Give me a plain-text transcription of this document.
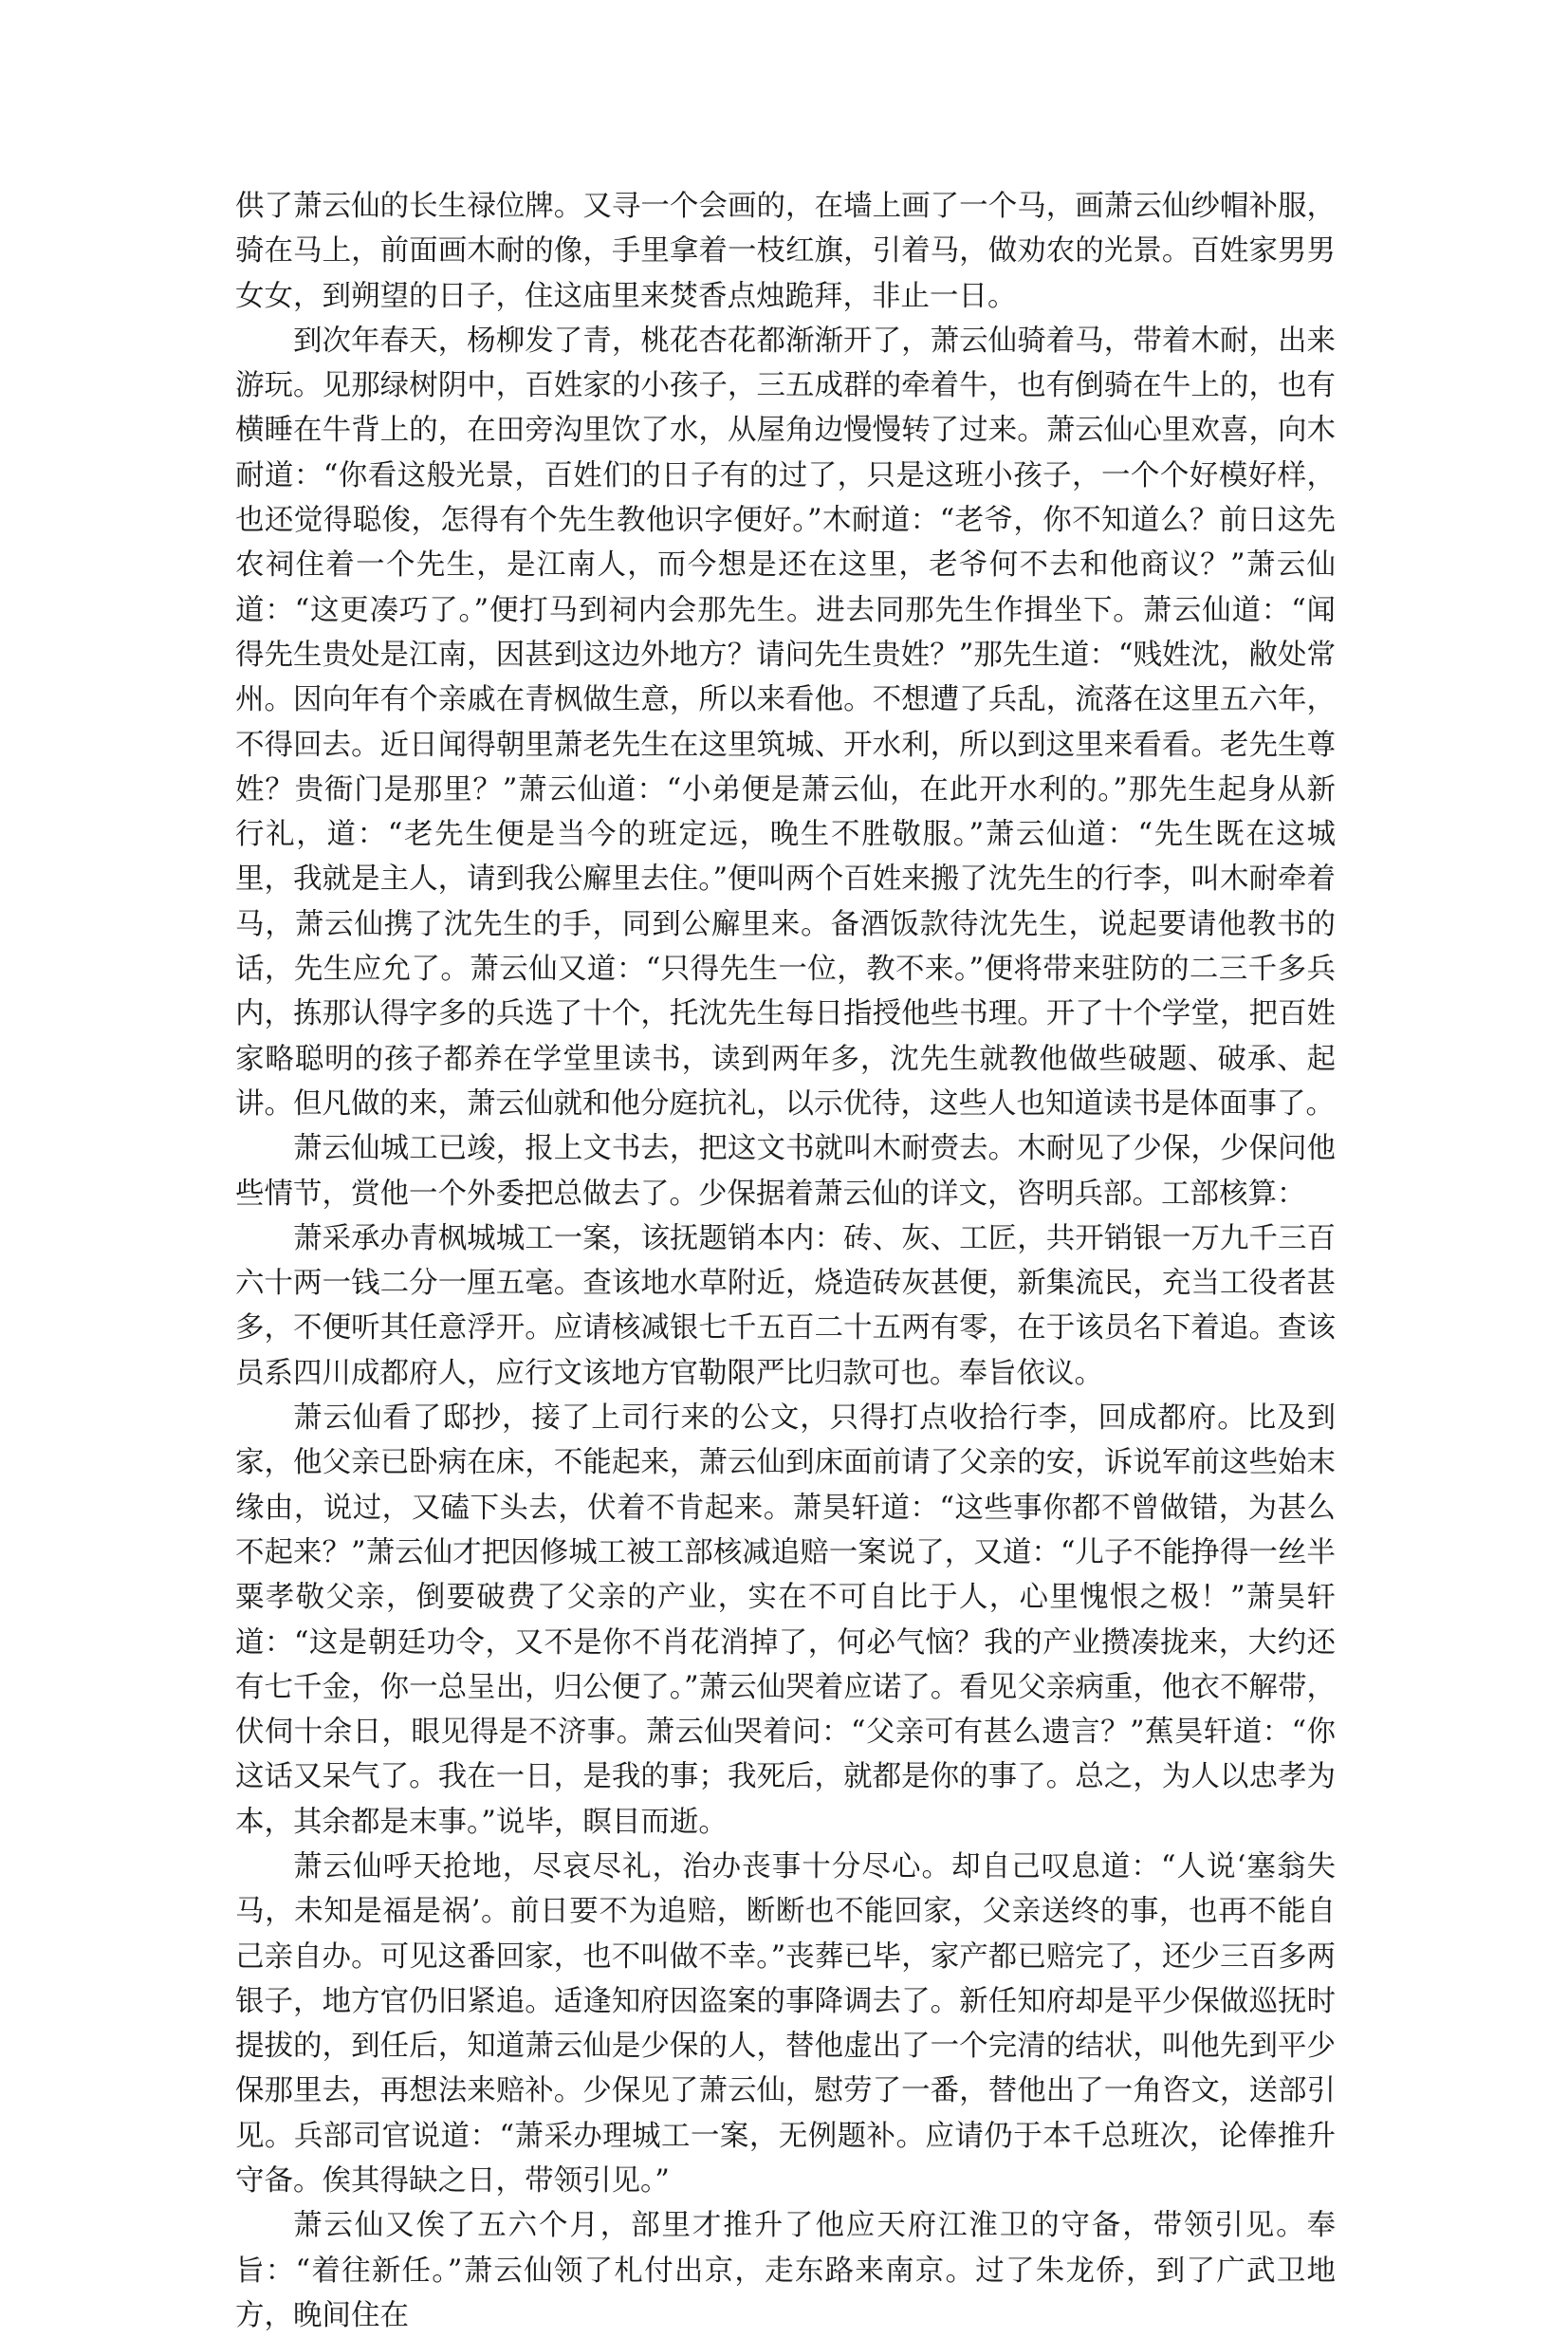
供了萧云仙的长生禄位牌。又寻一个会画的，在墙上画了一个马，画萧云仙纱帽补服，骑在马上，前面画木耐的像，手里拿着一枝红旗，引着马，做劝农的光景。百姓家男男女女，到朔望的日子，住这庙里来焚香点烛跪拜，非止一日。

到次年春天，杨柳发了青，桃花杏花都渐渐开了，萧云仙骑着马，带着木耐，出来游玩。见那绿树阴中，百姓家的小孩子，三五成群的牵着牛，也有倒骑在牛上的，也有横睡在牛背上的，在田旁沟里饮了水，从屋角边慢慢转了过来。萧云仙心里欢喜，向木耐道：“你看这般光景，百姓们的日子有的过了，只是这班小孩子，一个个好模好样，也还觉得聪俊，怎得有个先生教他识字便好。”木耐道：“老爷，你不知道么？前日这先农祠住着一个先生，是江南人，而今想是还在这里，老爷何不去和他商议？”萧云仙道：“这更凑巧了。”便打马到祠内会那先生。进去同那先生作揖坐下。萧云仙道：“闻得先生贵处是江南，因甚到这边外地方？请问先生贵姓？”那先生道：“贱姓沈，敝处常州。因向年有个亲戚在青枫做生意，所以来看他。不想遭了兵乱，流落在这里五六年，不得回去。近日闻得朝里萧老先生在这里筑城、开水利，所以到这里来看看。老先生尊姓？贵衙门是那里？”萧云仙道：“小弟便是萧云仙，在此开水利的。”那先生起身从新行礼，道：“老先生便是当今的班定远，晚生不胜敬服。”萧云仙道：“先生既在这城里，我就是主人，请到我公廨里去住。”便叫两个百姓来搬了沈先生的行李，叫木耐牵着马，萧云仙携了沈先生的手，同到公廨里来。备酒饭款待沈先生，说起要请他教书的话，先生应允了。萧云仙又道：“只得先生一位，教不来。”便将带来驻防的二三千多兵内，拣那认得字多的兵选了十个，托沈先生每日指授他些书理。开了十个学堂，把百姓家略聪明的孩子都养在学堂里读书，读到两年多，沈先生就教他做些破题、破承、起讲。但凡做的来，萧云仙就和他分庭抗礼，以示优待，这些人也知道读书是体面事了。

萧云仙城工已竣，报上文书去，把这文书就叫木耐赍去。木耐见了少保，少保问他些情节，赏他一个外委把总做去了。少保据着萧云仙的详文，咨明兵部。工部核算：

萧采承办青枫城城工一案，该抚题销本内：砖、灰、工匠，共开销银一万九千三百六十两一钱二分一厘五毫。查该地水草附近，烧造砖灰甚便，新集流民，充当工役者甚多，不便听其任意浮开。应请核减银七千五百二十五两有零，在于该员名下着追。查该员系四川成都府人，应行文该地方官勒限严比归款可也。奉旨依议。

萧云仙看了邸抄，接了上司行来的公文，只得打点收拾行李，回成都府。比及到家，他父亲已卧病在床，不能起来，萧云仙到床面前请了父亲的安，诉说军前这些始末缘由，说过，又磕下头去，伏着不肯起来。萧昊轩道：“这些事你都不曾做错，为甚么不起来？”萧云仙才把因修城工被工部核减追赔一案说了，又道：“儿子不能挣得一丝半粟孝敬父亲，倒要破费了父亲的产业，实在不可自比于人，心里愧恨之极！”萧昊轩道：“这是朝廷功令，又不是你不肖花消掉了，何必气恼？我的产业攒凑拢来，大约还有七千金，你一总呈出，归公便了。”萧云仙哭着应诺了。看见父亲病重，他衣不解带，伏伺十余日，眼见得是不济事。萧云仙哭着问：“父亲可有甚么遗言？”蕉昊轩道：“你这话又呆气了。我在一日，是我的事；我死后，就都是你的事了。总之，为人以忠孝为本，其余都是末事。”说毕，瞑目而逝。

萧云仙呼天抢地，尽哀尽礼，治办丧事十分尽心。却自己叹息道：“人说‘塞翁失马，未知是福是祸’。前日要不为追赔，断断也不能回家，父亲送终的事，也再不能自己亲自办。可见这番回家，也不叫做不幸。”丧葬已毕，家产都已赔完了，还少三百多两银子，地方官仍旧紧追。适逢知府因盗案的事降调去了。新任知府却是平少保做巡抚时提拔的，到任后，知道萧云仙是少保的人，替他虚出了一个完清的结状，叫他先到平少保那里去，再想法来赔补。少保见了萧云仙，慰劳了一番，替他出了一角咨文，送部引见。兵部司官说道：“萧采办理城工一案，无例题补。应请仍于本千总班次，论俸推升守备。俟其得缺之日，带领引见。”

萧云仙又俟了五六个月，部里才推升了他应天府江淮卫的守备，带领引见。奉旨：“着往新任。”萧云仙领了札付出京，走东路来南京。过了朱龙侨，到了广武卫地方，晚间住在
